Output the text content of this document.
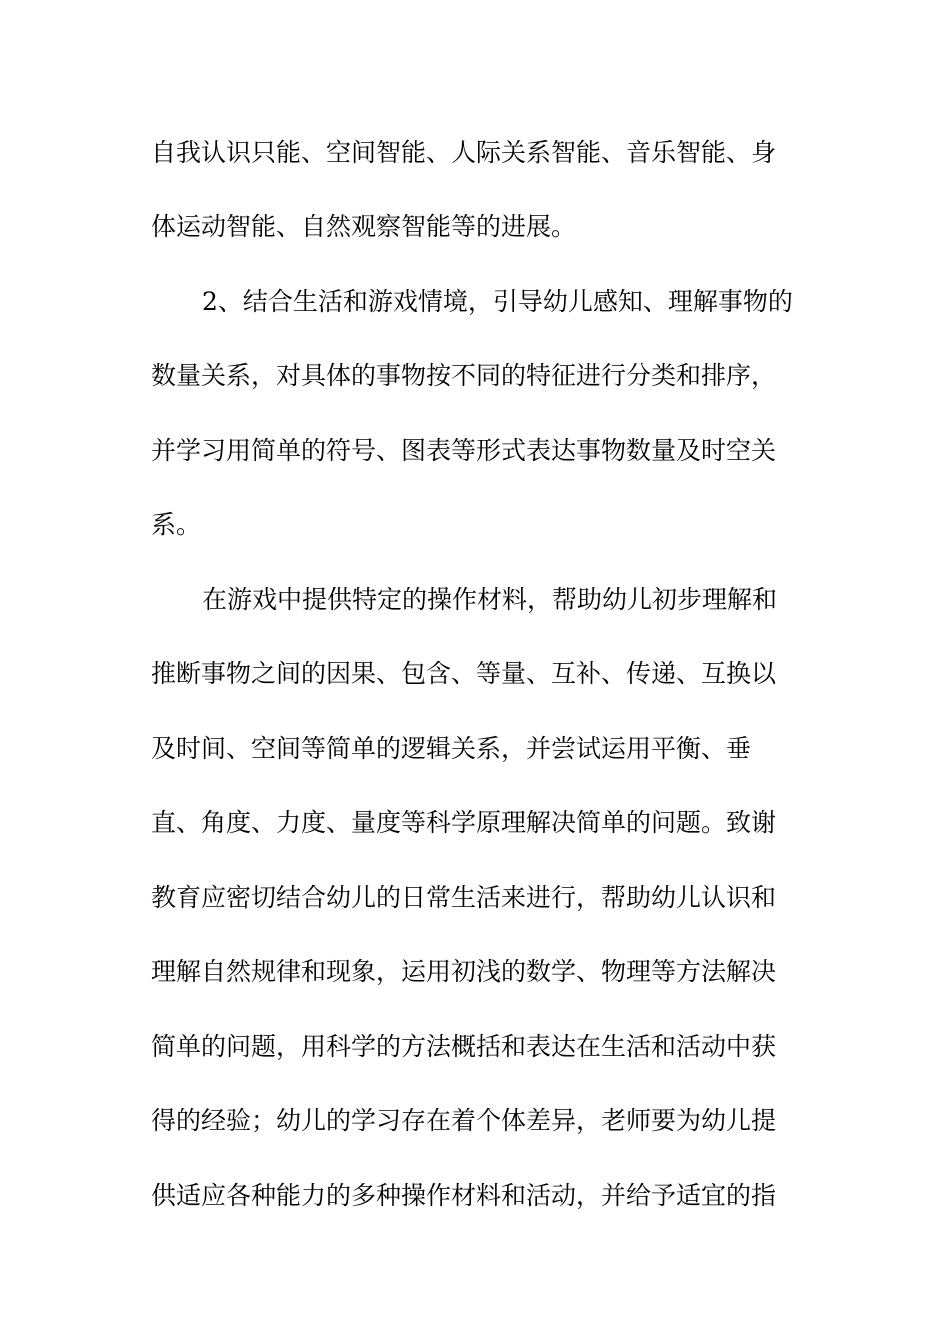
自我认识只能、空间智能、人际关系智能、音乐智能、身

体运动智能、自然观察智能等的进展。

2、结合生活和游戏情境，引导幼儿感知、理解事物的

数量关系，对具体的事物按不同的特征进行分类和排序，

并学习用简单的符号、图表等形式表达事物数量及时空关

系。

在游戏中提供特定的操作材料，帮助幼儿初步理解和

推断事物之间的因果、包含、等量、互补、传递、互换以

及时间、空间等简单的逻辑关系，并尝试运用平衡、垂

直、角度、力度、量度等科学原理解决简单的问题。致谢

教育应密切结合幼儿的日常生活来进行，帮助幼儿认识和

理解自然规律和现象，运用初浅的数学、物理等方法解决

简单的问题，用科学的方法概括和表达在生活和活动中获

得的经验；幼儿的学习存在着个体差异，老师要为幼儿提

供适应各种能力的多种操作材料和活动，并给予适宜的指
